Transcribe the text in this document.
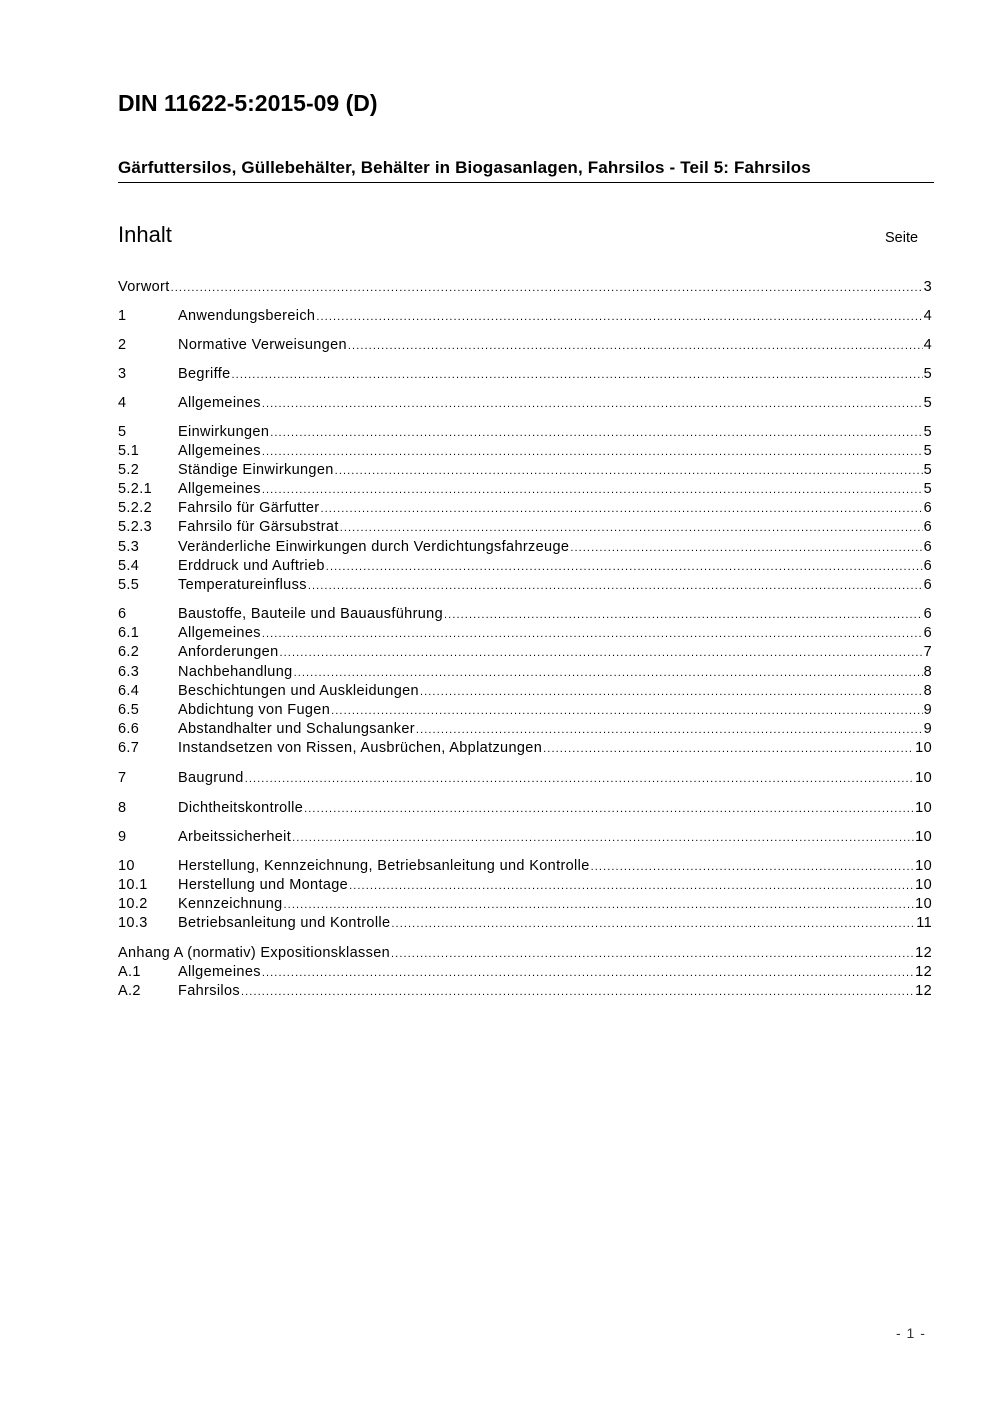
DIN 11622-5:2015-09 (D)
Gärfuttersilos, Güllebehälter, Behälter in Biogasanlagen, Fahrsilos - Teil 5: Fahrsilos
Inhalt	Seite
Vorwort .....	3
1	Anwendungsbereich .....	4
2	Normative Verweisungen .....	4
3	Begriffe .....	5
4	Allgemeines .....	5
5	Einwirkungen .....	5
5.1	Allgemeines .....	5
5.2	Ständige Einwirkungen .....	5
5.2.1	Allgemeines .....	5
5.2.2	Fahrsilo für Gärfutter .....	6
5.2.3	Fahrsilo für Gärsubstrat .....	6
5.3	Veränderliche Einwirkungen durch Verdichtungsfahrzeuge .....	6
5.4	Erddruck und Auftrieb .....	6
5.5	Temperatureinfluss .....	6
6	Baustoffe, Bauteile und Bauausführung .....	6
6.1	Allgemeines .....	6
6.2	Anforderungen .....	7
6.3	Nachbehandlung .....	8
6.4	Beschichtungen und Auskleidungen .....	8
6.5	Abdichtung von Fugen .....	9
6.6	Abstandhalter und Schalungsanker .....	9
6.7	Instandsetzen von Rissen, Ausbrüchen, Abplatzungen .....	10
7	Baugrund .....	10
8	Dichtheitskontrolle .....	10
9	Arbeitssicherheit .....	10
10	Herstellung, Kennzeichnung, Betriebsanleitung und Kontrolle .....	10
10.1	Herstellung und Montage .....	10
10.2	Kennzeichnung .....	10
10.3	Betriebsanleitung und Kontrolle .....	11
Anhang A (normativ) Expositionsklassen .....	12
A.1	Allgemeines .....	12
A.2	Fahrsilos .....	12
- 1 -
